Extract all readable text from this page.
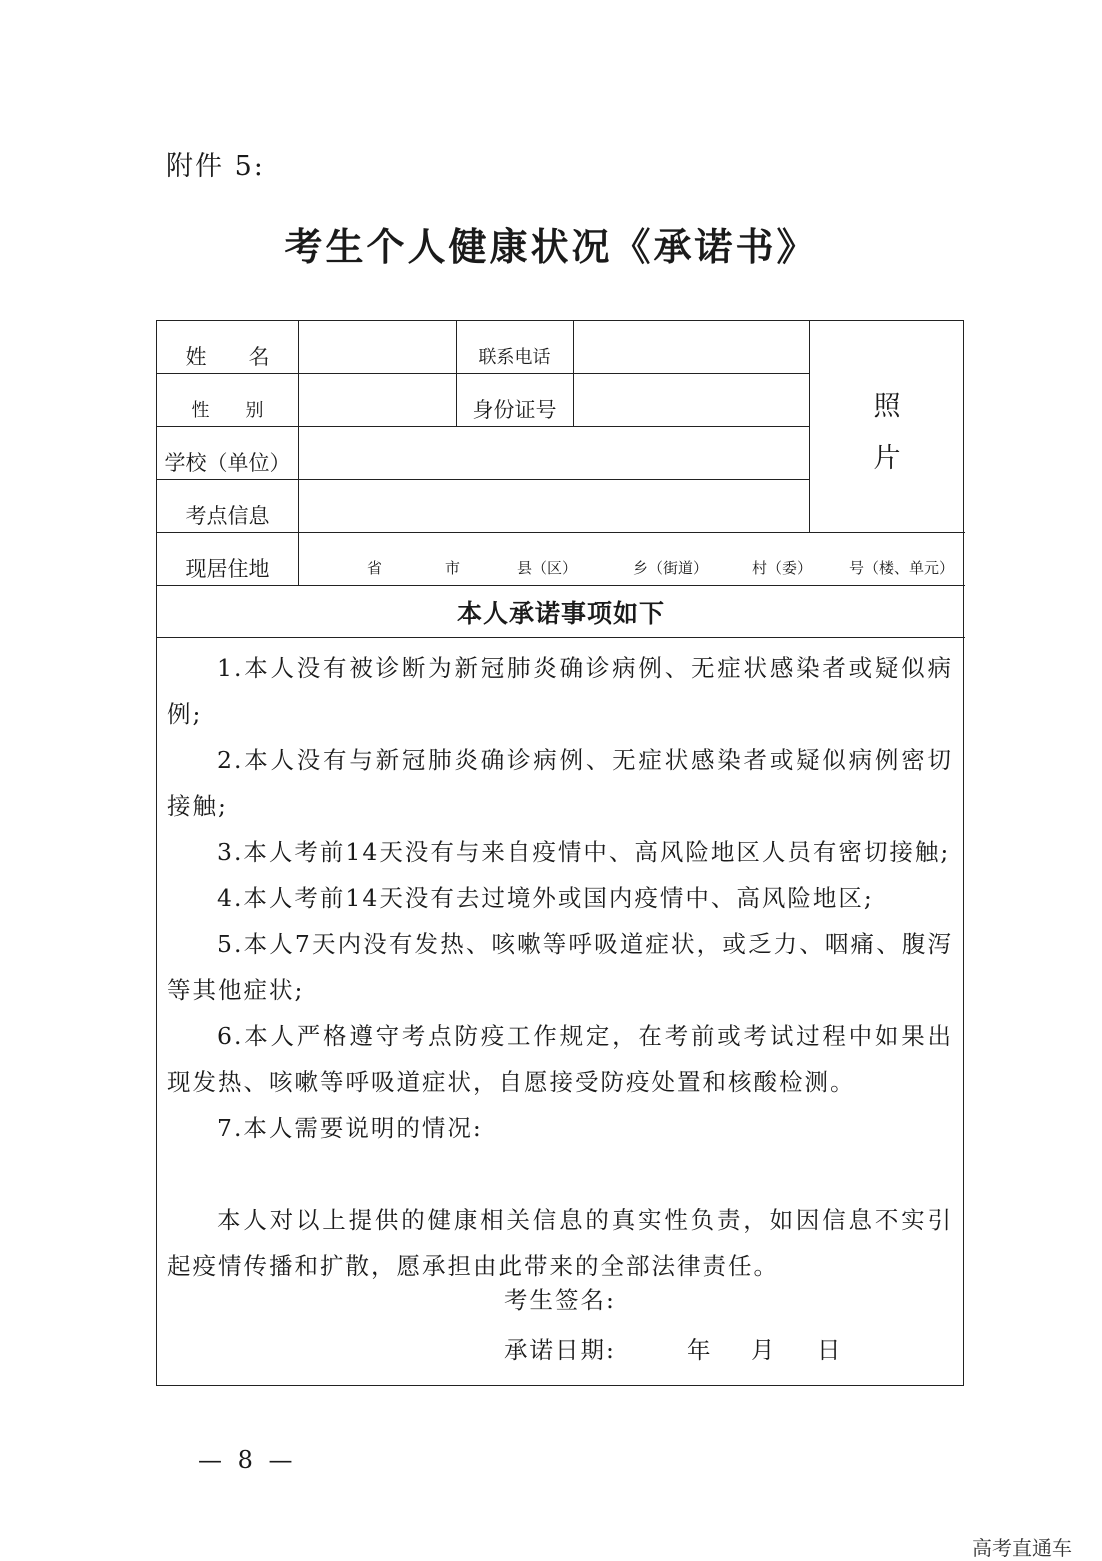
附件 5:
考生个人健康状况《承诺书》
姓　　名	联系电话
性　　别	身份证号
学校（单位）
考点信息
照
片
现居住地	省	市	县（区）	乡（街道）	村（委） 号（楼、单元）
本人承诺事项如下

1.本人没有被诊断为新冠肺炎确诊病例、无症状感染者或疑似病例;

2.本人没有与新冠肺炎确诊病例、无症状感染者或疑似病例密切接触;

3.本人考前14天没有与来自疫情中、高风险地区人员有密切接触;

4.本人考前14天没有去过境外或国内疫情中、高风险地区;

5.本人7天内没有发热、咳嗽等呼吸道症状，或乏力、咽痛、腹泻等其他症状;

6.本人严格遵守考点防疫工作规定，在考前或考试过程中如果出现发热、咳嗽等呼吸道症状，自愿接受防疫处置和核酸检测。

7.本人需要说明的情况:

本人对以上提供的健康相关信息的真实性负责，如因信息不实引起疫情传播和扩散，愿承担由此带来的全部法律责任。

考生签名:
承诺日期:	年 月 日
— 8 —
高考直通车
